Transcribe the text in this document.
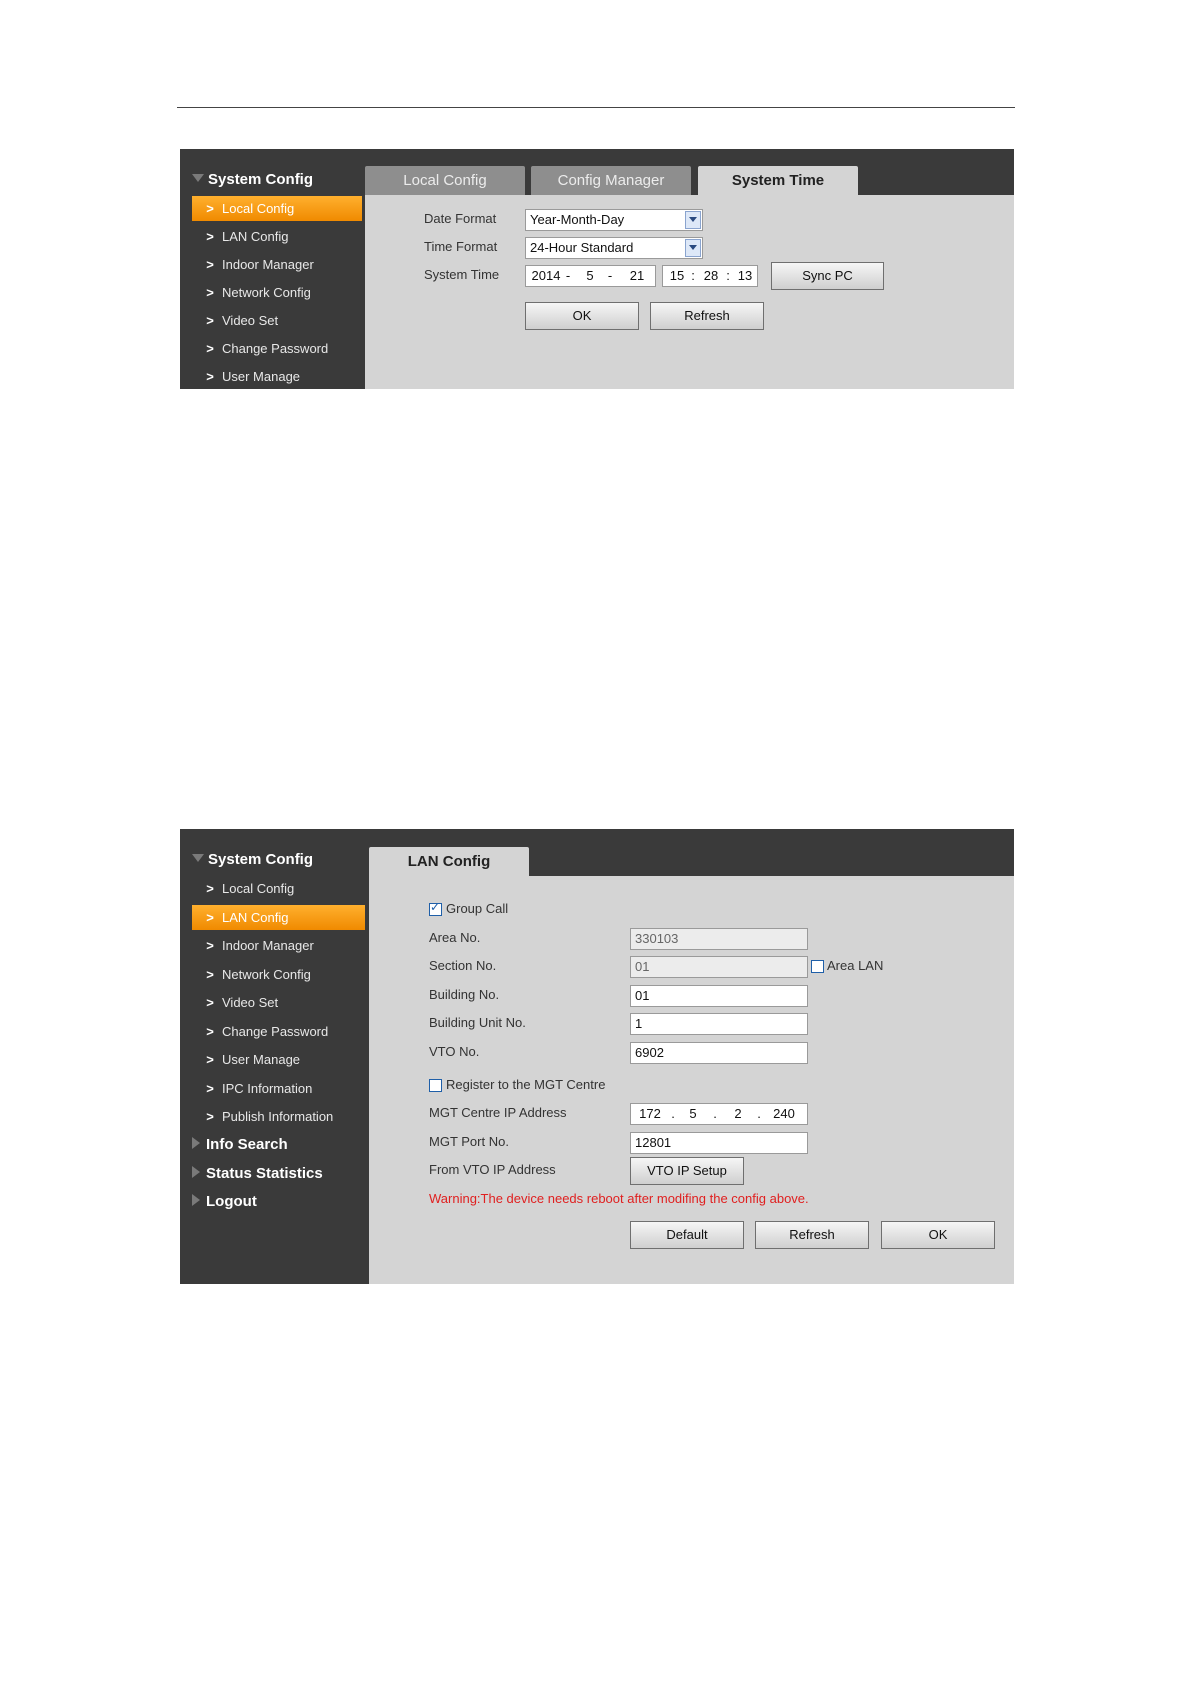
System Config
> Local Config
> LAN Config
> Indoor Manager
> Network Config
> Video Set
> Change Password
> User Manage
Local Config	Config Manager	System Time
Date Format	Year-Month-Day
Time Format	24-Hour Standard
System Time 2014 -	5	-	21	15 : 28 : 13	Sync PC
OK	Refresh
System Config
> Local Config
> LAN Config
> Indoor Manager
> Network Config
> Video Set
> Change Password
> User Manage
> IPC Information
> Publish Information
Info Search
Status Statistics
Logout
LAN Config
✓
Group Call
Area No.	330103
Section No.	01	Area LAN
Building No.	01
Building Unit No.	1
VTO No.	6902
Register to the MGT Centre
MGT Centre IP Address	172 .	5	.	2	. 240
MGT Port No.	12801
From VTO IP Address	VTO IP Setup
Warning:The device needs reboot after modifing the config above.
Default	Refresh	OK
